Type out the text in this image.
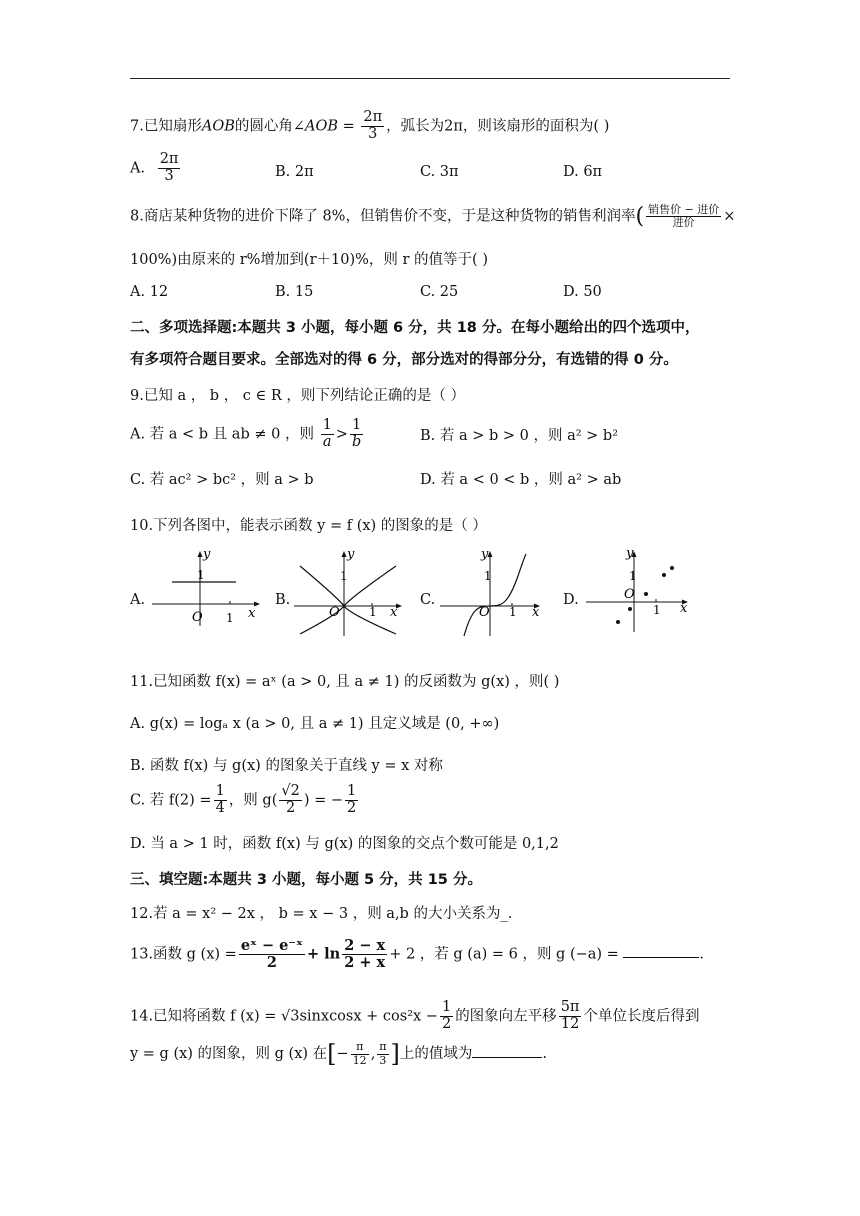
7.已知扇形AOB的圆心角∠AOB = $\frac{2\pi}{3}$ ，弧长为2π，则该扇形的面积为( )
A. $\frac{2\pi}{3}$	B. 2π	C. 3π	D. 6π
8.商店某种货物的进价下降了 8%，但销售价不变，于是这种货物的销售利润率( $\frac{\text{销售价 − 进价}}{\text{进价}}$ ×
100%)由原来的 r%增加到(r＋10)%，则 r 的值等于( )
A. 12	B. 15	C. 25	D. 50
二、多项选择题:本题共 3 小题，每小题 6 分，共 18 分。在每小题给出的四个选项中，
有多项符合题目要求。全部选对的得 6 分，部分选对的得部分分，有选错的得 0 分。
9.已知 a ， b ， c ∈ R ，则下列结论正确的是（ ）
A. 若 a < b 且 ab ≠ 0 ，则 $\frac{1}{a} > \frac{1}{b}$	B. 若 a > b > 0 ，则 a² > b²
C. 若 ac² > bc² ，则 a > b	D. 若 a < 0 < b ，则 a² > ab
10.下列各图中，能表示函数 y = f (x) 的图象的是（ ）
A.	B.	C.	D.
y
1
O 1 x
y
1
O 1 x
y
1
O 1 x
y
1
O
1 x
11.已知函数 f(x) = aˣ (a > 0, 且 a ≠ 1) 的反函数为 g(x) ，则( )
A. g(x) = logₐ x (a > 0, 且 a ≠ 1) 且定义域是 (0, +∞)
B. 函数 f(x) 与 g(x) 的图象关于直线 y = x 对称
C. 若 $f(2) = \frac{1}{4}$ ，则 $g( \frac{√2}{2}$ ) = − $\frac{1}{2}$
D. 当 a > 1 时，函数 f(x) 与 g(x) 的图象的交点个数可能是 0,1,2
三、填空题:本题共 3 小题，每小题 5 分，共 15 分。
12.若 a = x² − 2x ， b = x − 3 ，则 a,b 的大小关系为_.
13.函数 g $(x) = \frac{\text{eˣ − e⁻ˣ}}{2} + \ln \frac{2 - x}{2 + x} + 2$ ，若 g (a) = 6 ，则 g (−a) =	.
14.已知将函数 f (x) = √3sinxcosx + $\cos^2x - \frac{1}{2}$ 的图象向左平移 $\frac{5\pi}{12}$ 个单位长度后得到
y = g (x) 的图象，则 g (x) 在[− $\frac{\pi}{12}$ , $\frac{\pi}{3}$ ]上的值域为	.
